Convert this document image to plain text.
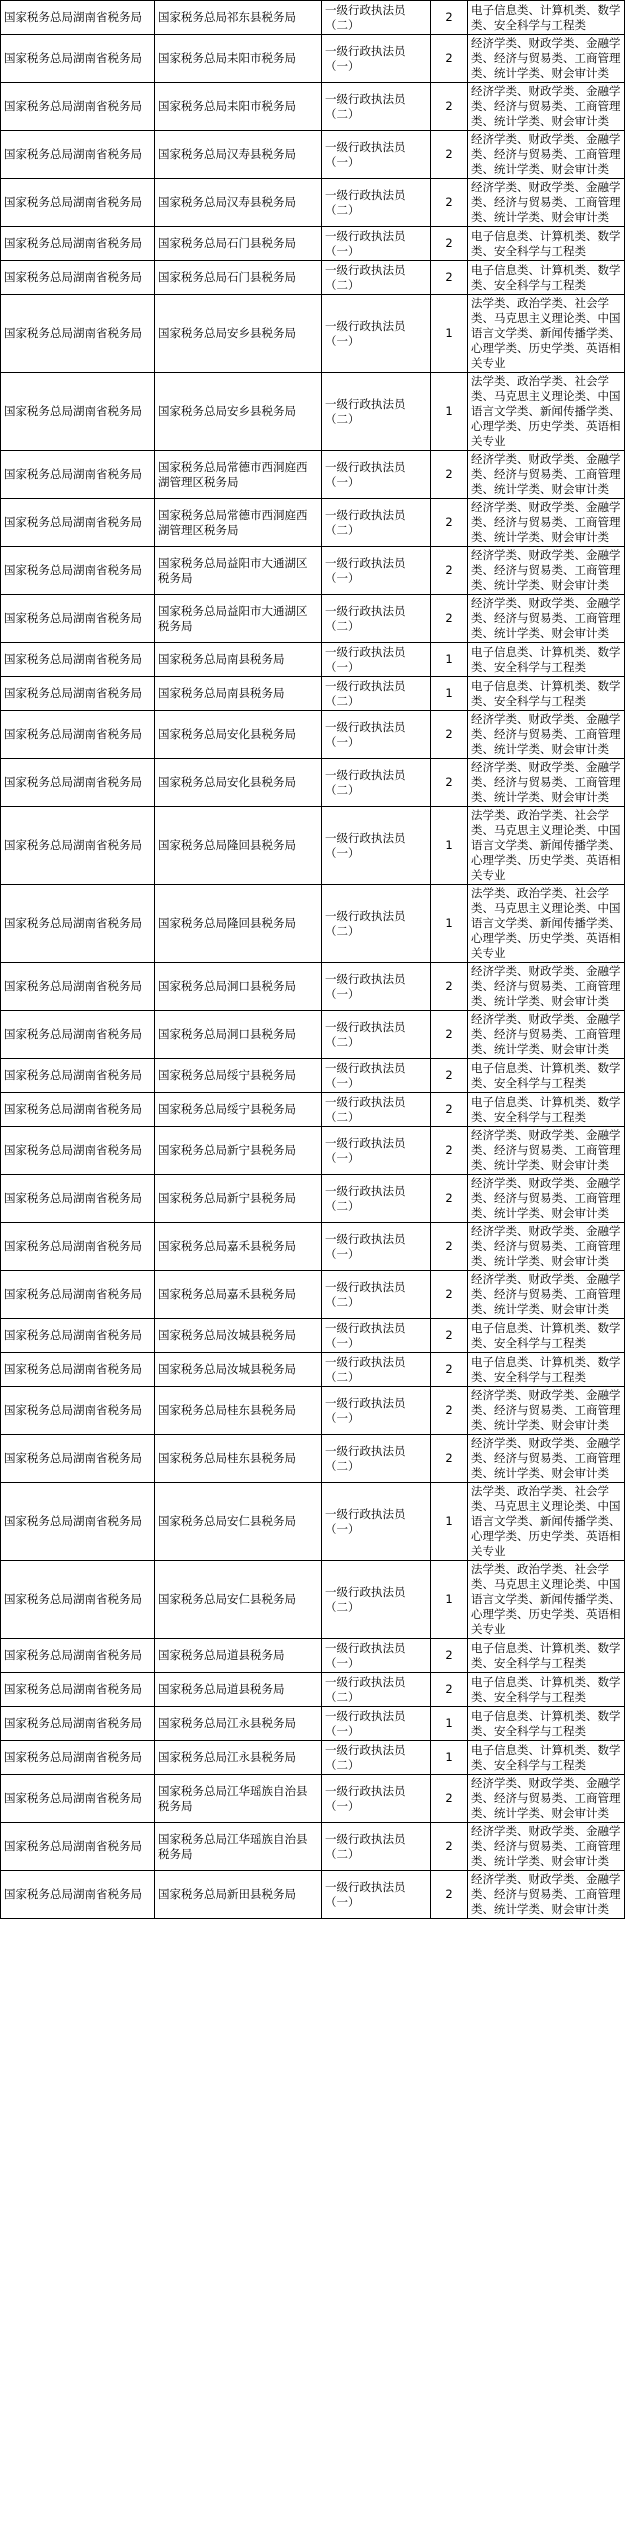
国家税务总局湖南省税务局	国家税务总局祁东县税务局	一级行政执法员（二）	2	电子信息类、计算机类、数学类、安全科学与工程类
国家税务总局湖南省税务局	国家税务总局耒阳市税务局	一级行政执法员（一）	2	经济学类、财政学类、金融学类、经济与贸易类、工商管理类、统计学类、财会审计类
国家税务总局湖南省税务局	国家税务总局耒阳市税务局	一级行政执法员（二）	2	经济学类、财政学类、金融学类、经济与贸易类、工商管理类、统计学类、财会审计类
国家税务总局湖南省税务局	国家税务总局汉寿县税务局	一级行政执法员（一）	2	经济学类、财政学类、金融学类、经济与贸易类、工商管理类、统计学类、财会审计类
国家税务总局湖南省税务局	国家税务总局汉寿县税务局	一级行政执法员（二）	2	经济学类、财政学类、金融学类、经济与贸易类、工商管理类、统计学类、财会审计类
国家税务总局湖南省税务局	国家税务总局石门县税务局	一级行政执法员（一）	2	电子信息类、计算机类、数学类、安全科学与工程类
国家税务总局湖南省税务局	国家税务总局石门县税务局	一级行政执法员（二）	2	电子信息类、计算机类、数学类、安全科学与工程类
国家税务总局湖南省税务局	国家税务总局安乡县税务局	一级行政执法员（一）	1	法学类、政治学类、社会学类、马克思主义理论类、中国语言文学类、新闻传播学类、心理学类、历史学类、英语相关专业
国家税务总局湖南省税务局	国家税务总局安乡县税务局	一级行政执法员（二）	1	法学类、政治学类、社会学类、马克思主义理论类、中国语言文学类、新闻传播学类、心理学类、历史学类、英语相关专业
国家税务总局湖南省税务局	国家税务总局常德市西洞庭西湖管理区税务局	一级行政执法员（一）	2	经济学类、财政学类、金融学类、经济与贸易类、工商管理类、统计学类、财会审计类
国家税务总局湖南省税务局	国家税务总局常德市西洞庭西湖管理区税务局	一级行政执法员（二）	2	经济学类、财政学类、金融学类、经济与贸易类、工商管理类、统计学类、财会审计类
国家税务总局湖南省税务局	国家税务总局益阳市大通湖区税务局	一级行政执法员（一）	2	经济学类、财政学类、金融学类、经济与贸易类、工商管理类、统计学类、财会审计类
国家税务总局湖南省税务局	国家税务总局益阳市大通湖区税务局	一级行政执法员（二）	2	经济学类、财政学类、金融学类、经济与贸易类、工商管理类、统计学类、财会审计类
国家税务总局湖南省税务局	国家税务总局南县税务局	一级行政执法员（一）	1	电子信息类、计算机类、数学类、安全科学与工程类
国家税务总局湖南省税务局	国家税务总局南县税务局	一级行政执法员（二）	1	电子信息类、计算机类、数学类、安全科学与工程类
国家税务总局湖南省税务局	国家税务总局安化县税务局	一级行政执法员（一）	2	经济学类、财政学类、金融学类、经济与贸易类、工商管理类、统计学类、财会审计类
国家税务总局湖南省税务局	国家税务总局安化县税务局	一级行政执法员（二）	2	经济学类、财政学类、金融学类、经济与贸易类、工商管理类、统计学类、财会审计类
国家税务总局湖南省税务局	国家税务总局隆回县税务局	一级行政执法员（一）	1	法学类、政治学类、社会学类、马克思主义理论类、中国语言文学类、新闻传播学类、心理学类、历史学类、英语相关专业
国家税务总局湖南省税务局	国家税务总局隆回县税务局	一级行政执法员（二）	1	法学类、政治学类、社会学类、马克思主义理论类、中国语言文学类、新闻传播学类、心理学类、历史学类、英语相关专业
国家税务总局湖南省税务局	国家税务总局洞口县税务局	一级行政执法员（一）	2	经济学类、财政学类、金融学类、经济与贸易类、工商管理类、统计学类、财会审计类
国家税务总局湖南省税务局	国家税务总局洞口县税务局	一级行政执法员（二）	2	经济学类、财政学类、金融学类、经济与贸易类、工商管理类、统计学类、财会审计类
国家税务总局湖南省税务局	国家税务总局绥宁县税务局	一级行政执法员（一）	2	电子信息类、计算机类、数学类、安全科学与工程类
国家税务总局湖南省税务局	国家税务总局绥宁县税务局	一级行政执法员（二）	2	电子信息类、计算机类、数学类、安全科学与工程类
国家税务总局湖南省税务局	国家税务总局新宁县税务局	一级行政执法员（一）	2	经济学类、财政学类、金融学类、经济与贸易类、工商管理类、统计学类、财会审计类
国家税务总局湖南省税务局	国家税务总局新宁县税务局	一级行政执法员（二）	2	经济学类、财政学类、金融学类、经济与贸易类、工商管理类、统计学类、财会审计类
国家税务总局湖南省税务局	国家税务总局嘉禾县税务局	一级行政执法员（一）	2	经济学类、财政学类、金融学类、经济与贸易类、工商管理类、统计学类、财会审计类
国家税务总局湖南省税务局	国家税务总局嘉禾县税务局	一级行政执法员（二）	2	经济学类、财政学类、金融学类、经济与贸易类、工商管理类、统计学类、财会审计类
国家税务总局湖南省税务局	国家税务总局汝城县税务局	一级行政执法员（一）	2	电子信息类、计算机类、数学类、安全科学与工程类
国家税务总局湖南省税务局	国家税务总局汝城县税务局	一级行政执法员（二）	2	电子信息类、计算机类、数学类、安全科学与工程类
国家税务总局湖南省税务局	国家税务总局桂东县税务局	一级行政执法员（一）	2	经济学类、财政学类、金融学类、经济与贸易类、工商管理类、统计学类、财会审计类
国家税务总局湖南省税务局	国家税务总局桂东县税务局	一级行政执法员（二）	2	经济学类、财政学类、金融学类、经济与贸易类、工商管理类、统计学类、财会审计类
国家税务总局湖南省税务局	国家税务总局安仁县税务局	一级行政执法员（一）	1	法学类、政治学类、社会学类、马克思主义理论类、中国语言文学类、新闻传播学类、心理学类、历史学类、英语相关专业
国家税务总局湖南省税务局	国家税务总局安仁县税务局	一级行政执法员（二）	1	法学类、政治学类、社会学类、马克思主义理论类、中国语言文学类、新闻传播学类、心理学类、历史学类、英语相关专业
国家税务总局湖南省税务局	国家税务总局道县税务局	一级行政执法员（一）	2	电子信息类、计算机类、数学类、安全科学与工程类
国家税务总局湖南省税务局	国家税务总局道县税务局	一级行政执法员（二）	2	电子信息类、计算机类、数学类、安全科学与工程类
国家税务总局湖南省税务局	国家税务总局江永县税务局	一级行政执法员（一）	1	电子信息类、计算机类、数学类、安全科学与工程类
国家税务总局湖南省税务局	国家税务总局江永县税务局	一级行政执法员（二）	1	电子信息类、计算机类、数学类、安全科学与工程类
国家税务总局湖南省税务局	国家税务总局江华瑶族自治县税务局	一级行政执法员（一）	2	经济学类、财政学类、金融学类、经济与贸易类、工商管理类、统计学类、财会审计类
国家税务总局湖南省税务局	国家税务总局江华瑶族自治县税务局	一级行政执法员（二）	2	经济学类、财政学类、金融学类、经济与贸易类、工商管理类、统计学类、财会审计类
国家税务总局湖南省税务局	国家税务总局新田县税务局	一级行政执法员（一）	2	经济学类、财政学类、金融学类、经济与贸易类、工商管理类、统计学类、财会审计类
